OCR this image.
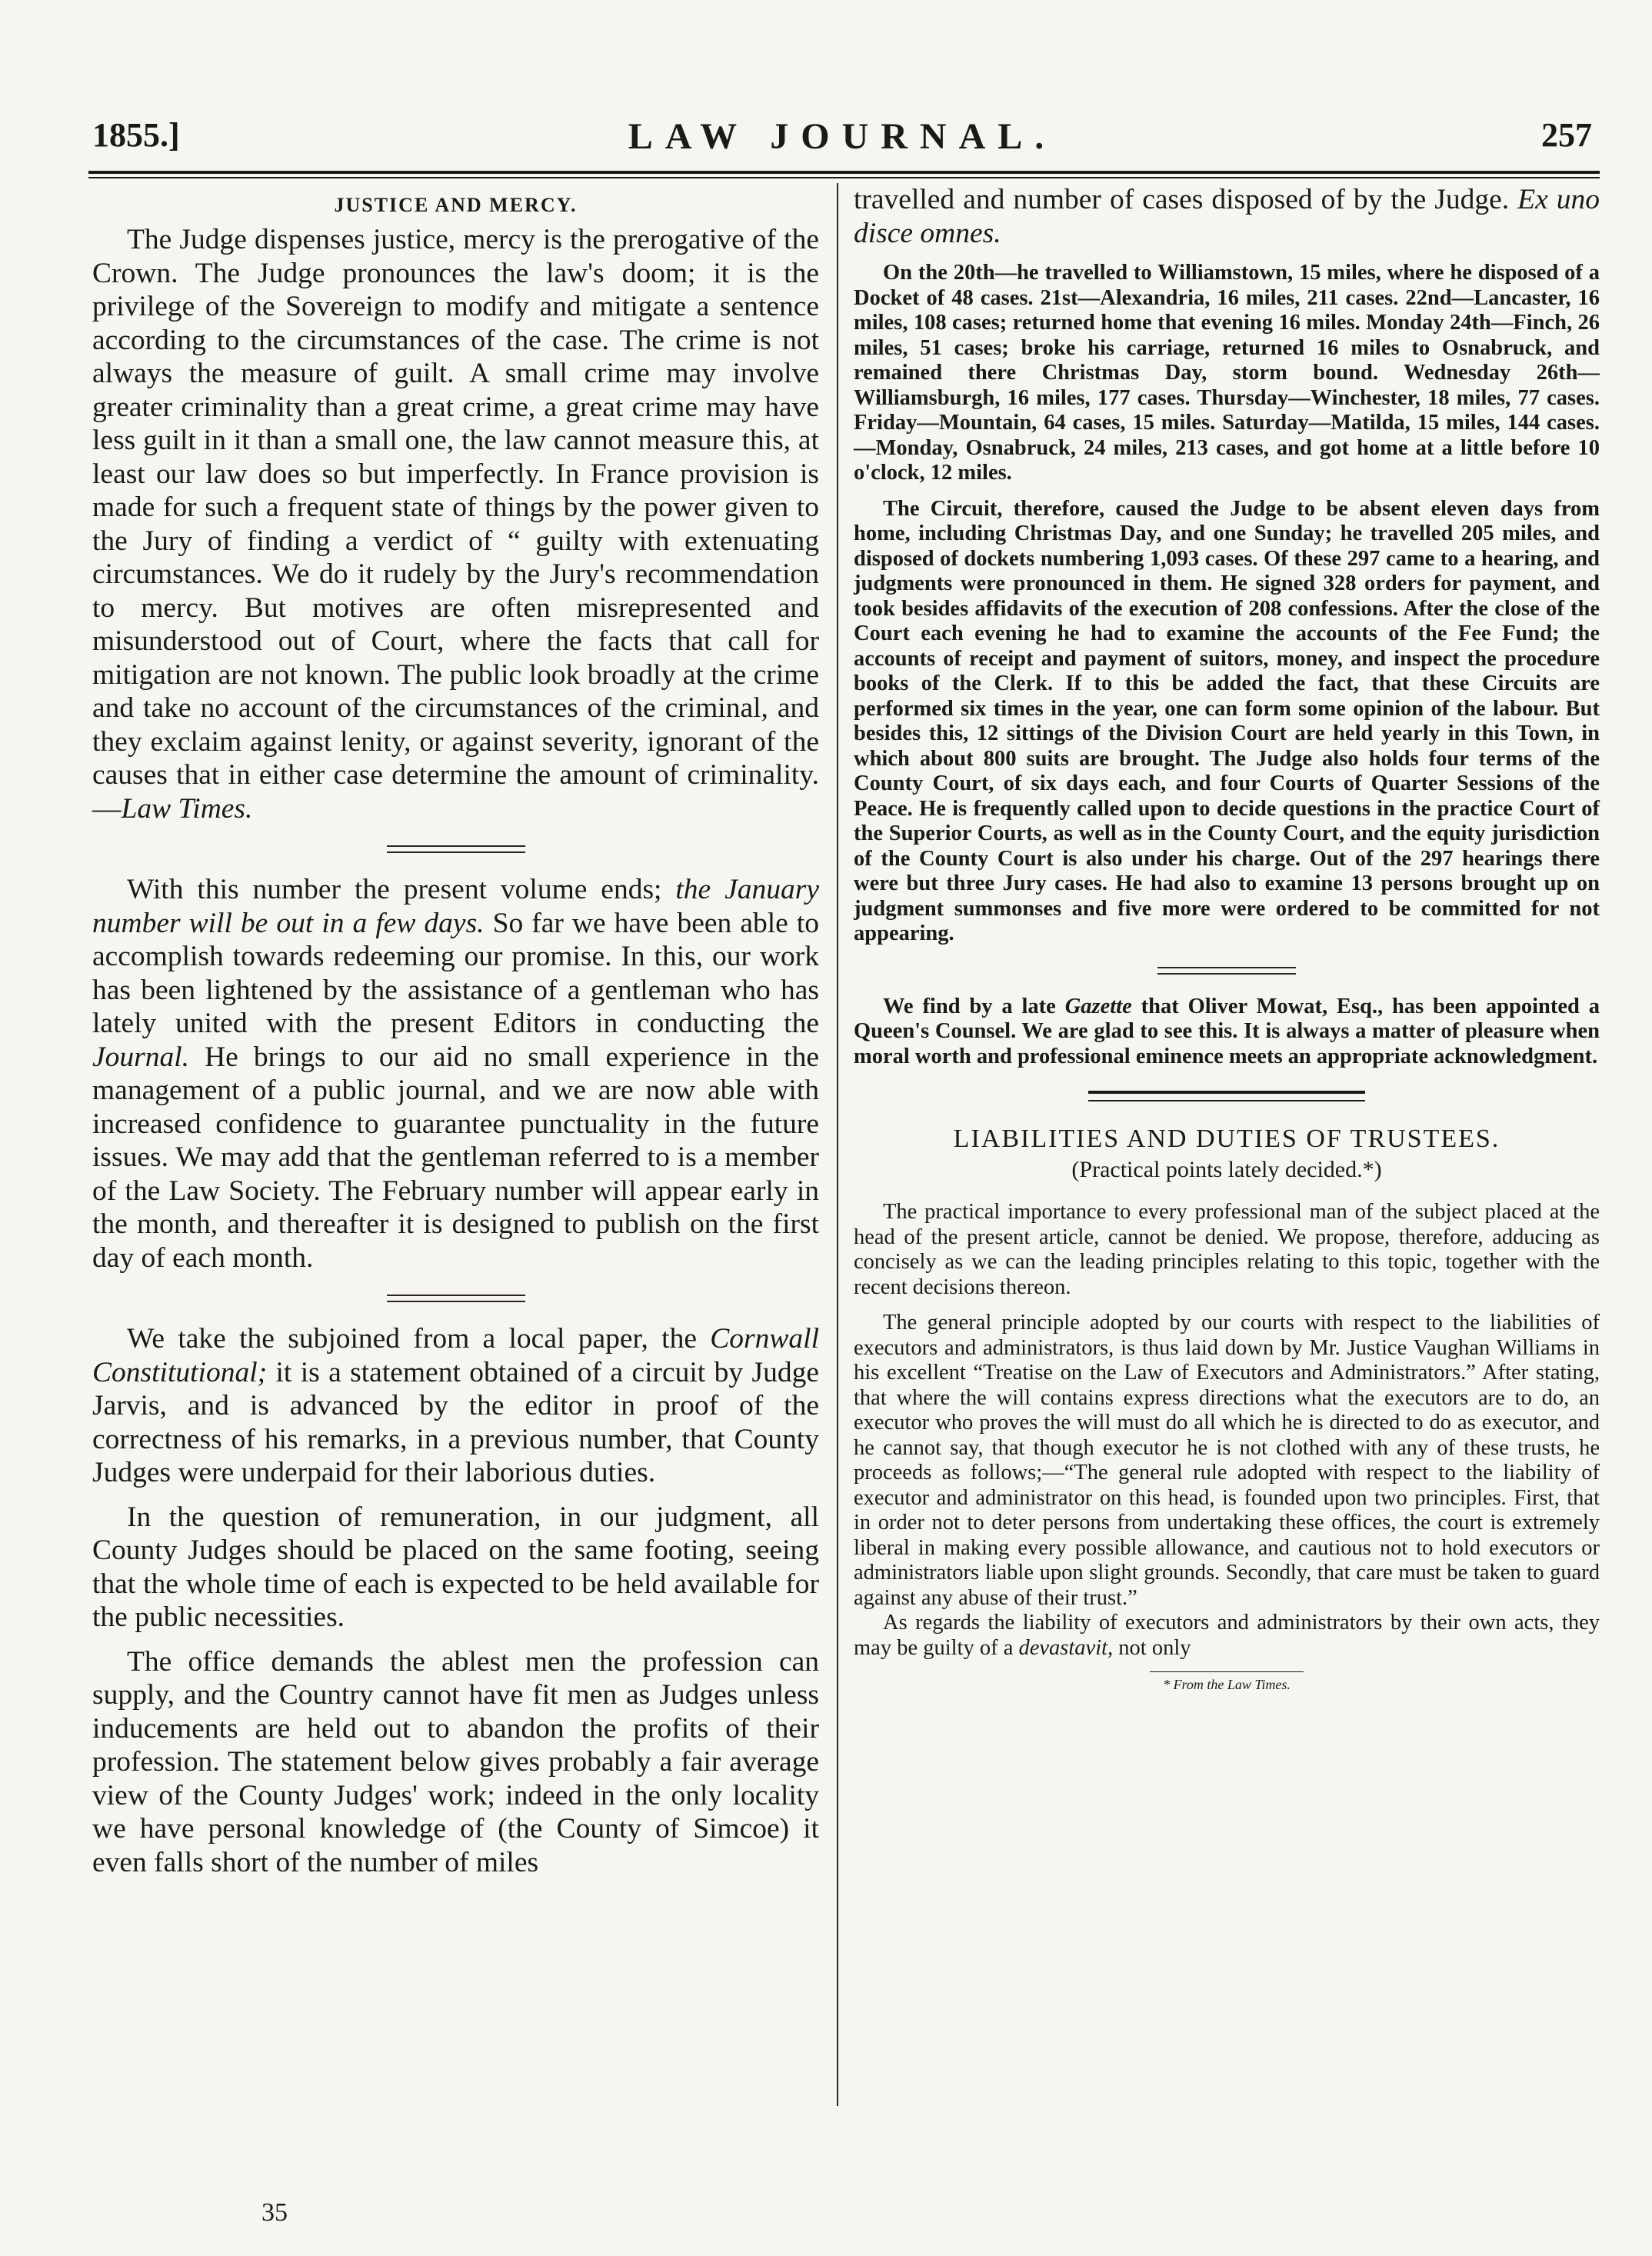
1855.]	LAW JOURNAL.	257
JUSTICE AND MERCY.

The Judge dispenses justice, mercy is the prerogative of the Crown. The Judge pronounces the law's doom; it is the privilege of the Sovereign to modify and mitigate a sentence according to the circumstances of the case. The crime is not always the measure of guilt. A small crime may involve greater criminality than a great crime, a great crime may have less guilt in it than a small one, the law cannot measure this, at least our law does so but imperfectly. In France provision is made for such a frequent state of things by the power given to the Jury of finding a verdict of “ guilty with extenuating circumstances. We do it rudely by the Jury's recommendation to mercy. But motives are often misrepresented and misunderstood out of Court, where the facts that call for mitigation are not known. The public look broadly at the crime and take no account of the circumstances of the criminal, and they exclaim against lenity, or against severity, ignorant of the causes that in either case determine the amount of criminality.—Law Times.

With this number the present volume ends; the January number will be out in a few days. So far we have been able to accomplish towards redeeming our promise. In this, our work has been lightened by the assistance of a gentleman who has lately united with the present Editors in conducting the Journal. He brings to our aid no small experience in the management of a public journal, and we are now able with increased confidence to guarantee punctuality in the future issues. We may add that the gentleman referred to is a member of the Law Society. The February number will appear early in the month, and thereafter it is designed to publish on the first day of each month.

We take the subjoined from a local paper, the Cornwall Constitutional; it is a statement obtained of a circuit by Judge Jarvis, and is advanced by the editor in proof of the correctness of his remarks, in a previous number, that County Judges were underpaid for their laborious duties.

In the question of remuneration, in our judgment, all County Judges should be placed on the same footing, seeing that the whole time of each is expected to be held available for the public necessities.

The office demands the ablest men the profession can supply, and the Country cannot have fit men as Judges unless inducements are held out to abandon the profits of their profession. The statement below gives probably a fair average view of the County Judges' work; indeed in the only locality we have personal knowledge of (the County of Simcoe) it even falls short of the number of miles

travelled and number of cases disposed of by the Judge. Ex uno disce omnes.

On the 20th—he travelled to Williamstown, 15 miles, where he disposed of a Docket of 48 cases. 21st—Alexandria, 16 miles, 211 cases. 22nd—Lancaster, 16 miles, 108 cases; returned home that evening 16 miles. Monday 24th—Finch, 26 miles, 51 cases; broke his carriage, returned 16 miles to Osnabruck, and remained there Christmas Day, storm bound. Wednesday 26th—Williamsburgh, 16 miles, 177 cases. Thursday—Winchester, 18 miles, 77 cases. Friday—Mountain, 64 cases, 15 miles. Saturday—Matilda, 15 miles, 144 cases.—Monday, Osnabruck, 24 miles, 213 cases, and got home at a little before 10 o'clock, 12 miles.

The Circuit, therefore, caused the Judge to be absent eleven days from home, including Christmas Day, and one Sunday; he travelled 205 miles, and disposed of dockets numbering 1,093 cases. Of these 297 came to a hearing, and judgments were pronounced in them. He signed 328 orders for payment, and took besides affidavits of the execution of 208 confessions. After the close of the Court each evening he had to examine the accounts of the Fee Fund; the accounts of receipt and payment of suitors, money, and inspect the procedure books of the Clerk. If to this be added the fact, that these Circuits are performed six times in the year, one can form some opinion of the labour. But besides this, 12 sittings of the Division Court are held yearly in this Town, in which about 800 suits are brought. The Judge also holds four terms of the County Court, of six days each, and four Courts of Quarter Sessions of the Peace. He is frequently called upon to decide questions in the practice Court of the Superior Courts, as well as in the County Court, and the equity jurisdiction of the County Court is also under his charge. Out of the 297 hearings there were but three Jury cases. He had also to examine 13 persons brought up on judgment summonses and five more were ordered to be committed for not appearing.

We find by a late Gazette that Oliver Mowat, Esq., has been appointed a Queen's Counsel. We are glad to see this. It is always a matter of pleasure when moral worth and professional eminence meets an appropriate acknowledgment.

LIABILITIES AND DUTIES OF TRUSTEES.
(Practical points lately decided.*)

The practical importance to every professional man of the subject placed at the head of the present article, cannot be denied. We propose, therefore, adducing as concisely as we can the leading principles relating to this topic, together with the recent decisions thereon.

The general principle adopted by our courts with respect to the liabilities of executors and administrators, is thus laid down by Mr. Justice Vaughan Williams in his excellent “Treatise on the Law of Executors and Administrators.” After stating, that where the will contains express directions what the executors are to do, an executor who proves the will must do all which he is directed to do as executor, and he cannot say, that though executor he is not clothed with any of these trusts, he proceeds as follows;—“The general rule adopted with respect to the liability of executor and administrator on this head, is founded upon two principles. First, that in order not to deter persons from undertaking these offices, the court is extremely liberal in making every possible allowance, and cautious not to hold executors or administrators liable upon slight grounds. Secondly, that care must be taken to guard against any abuse of their trust.”

As regards the liability of executors and administrators by their own acts, they may be guilty of a devastavit, not only

* From the Law Times.
35
